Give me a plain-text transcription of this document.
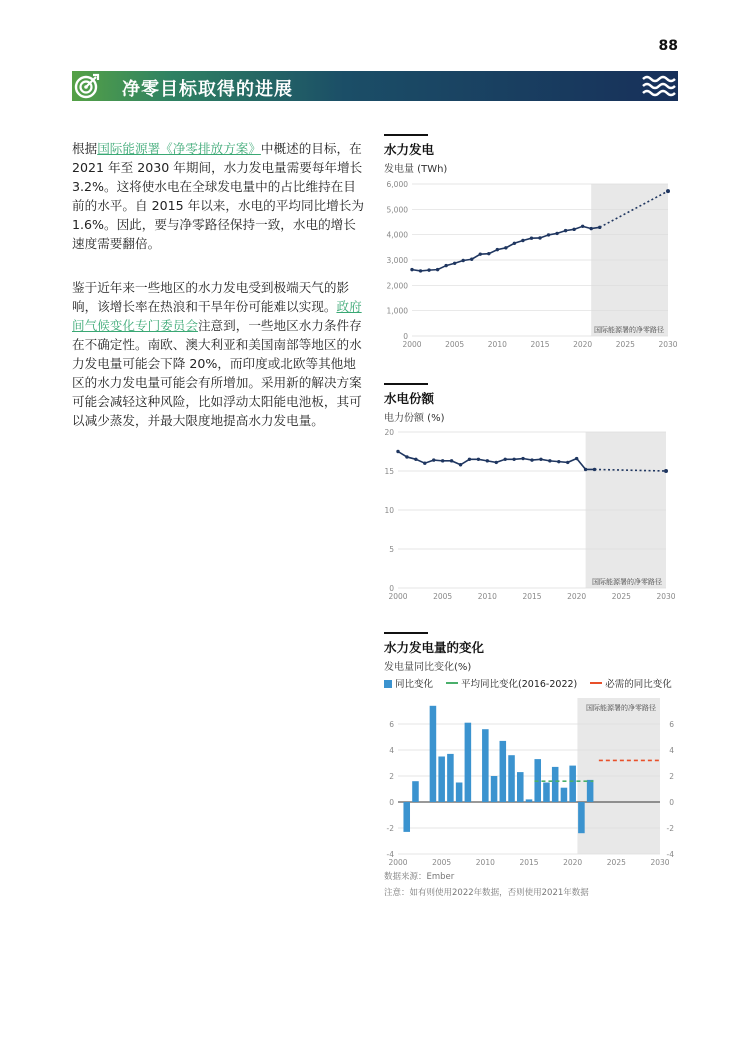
88
净零目标取得的进展
根据国际能源署《净零排放方案》中概述的目标，在 2021 年至 2030 年期间，水力发电量需要每年增长 3.2%。这将使水电在全球发电量中的占比维持在目前的水平。自 2015 年以来，水电的平均同比增长为 1.6%。因此，要与净零路径保持一致，水电的增长速度需要翻倍。
鉴于近年来一些地区的水力发电受到极端天气的影响，该增长率在热浪和干旱年份可能难以实现。政府间气候变化专门委员会注意到，一些地区水力条件存在不确定性。南欧、澳大利亚和美国南部等地区的水力发电量可能会下降 20%，而印度或北欧等其他地区的水力发电量可能会有所增加。采用新的解决方案可能会减轻这种风险，比如浮动太阳能电池板，其可以减少蒸发，并最大限度地提高水力发电量。
水力发电
发电量 (TWh)
0
1,000
2,000
3,000
4,000
5,000
6,000
2000	2005	2010	2015	2020	2025	2030
国际能源署的净零路径
水电份额
电力份额 (%)
0
5
10
15
20
2000	2005	2010	2015	2020	2025	2030
国际能源署的净零路径
水力发电量的变化
发电量同比变化(%)
同比变化	平均同比变化(2016-2022)	必需的同比变化
-4	-4
-2	-2
0	0
2	2
4	4
6	6
2000	2005	2010	2015	2020	2025	2030
国际能源署的净零路径
数据来源：Ember
注意：如有则使用2022年数据，否则使用2021年数据
